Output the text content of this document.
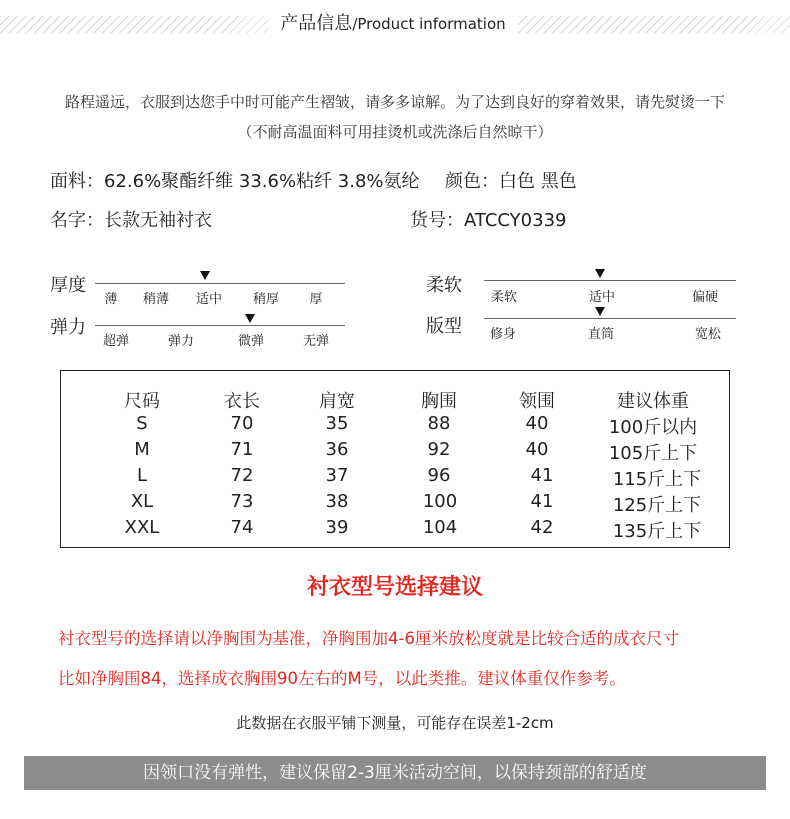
产品信息/Product information
路程遥远，衣服到达您手中时可能产生褶皱，请多多谅解。为了达到良好的穿着效果，请先熨烫一下
（不耐高温面料可用挂烫机或洗涤后自然晾干）
面料：62.6%聚酯纤维 33.6%粘纤 3.8%氨纶 颜色：白色 黑色
名字：长款无袖衬衣	货号：ATCCY0339
厚度
薄 稍薄 适中 稍厚 厚
弹力
超弹	弹力	微弹	无弹
柔软
柔软	适中	偏硬
版型 修身	直筒	宽松
尺码	衣长	肩宽	胸围	领围	建议体重
S	70	35	88	40	100斤以内
M	71	36	92	40	105斤上下
L	72	37	96	41	115斤上下
XL	73	38	100	41	125斤上下
XXL	74	39	104	42	135斤上下
衬衣型号选择建议
衬衣型号的选择请以净胸围为基准，净胸围加4-6厘米放松度就是比较合适的成衣尺寸
比如净胸围84，选择成衣胸围90左右的M号，以此类推。建议体重仅作参考。
此数据在衣服平铺下测量，可能存在误差1-2cm
因领口没有弹性，建议保留2-3厘米活动空间，以保持颈部的舒适度
